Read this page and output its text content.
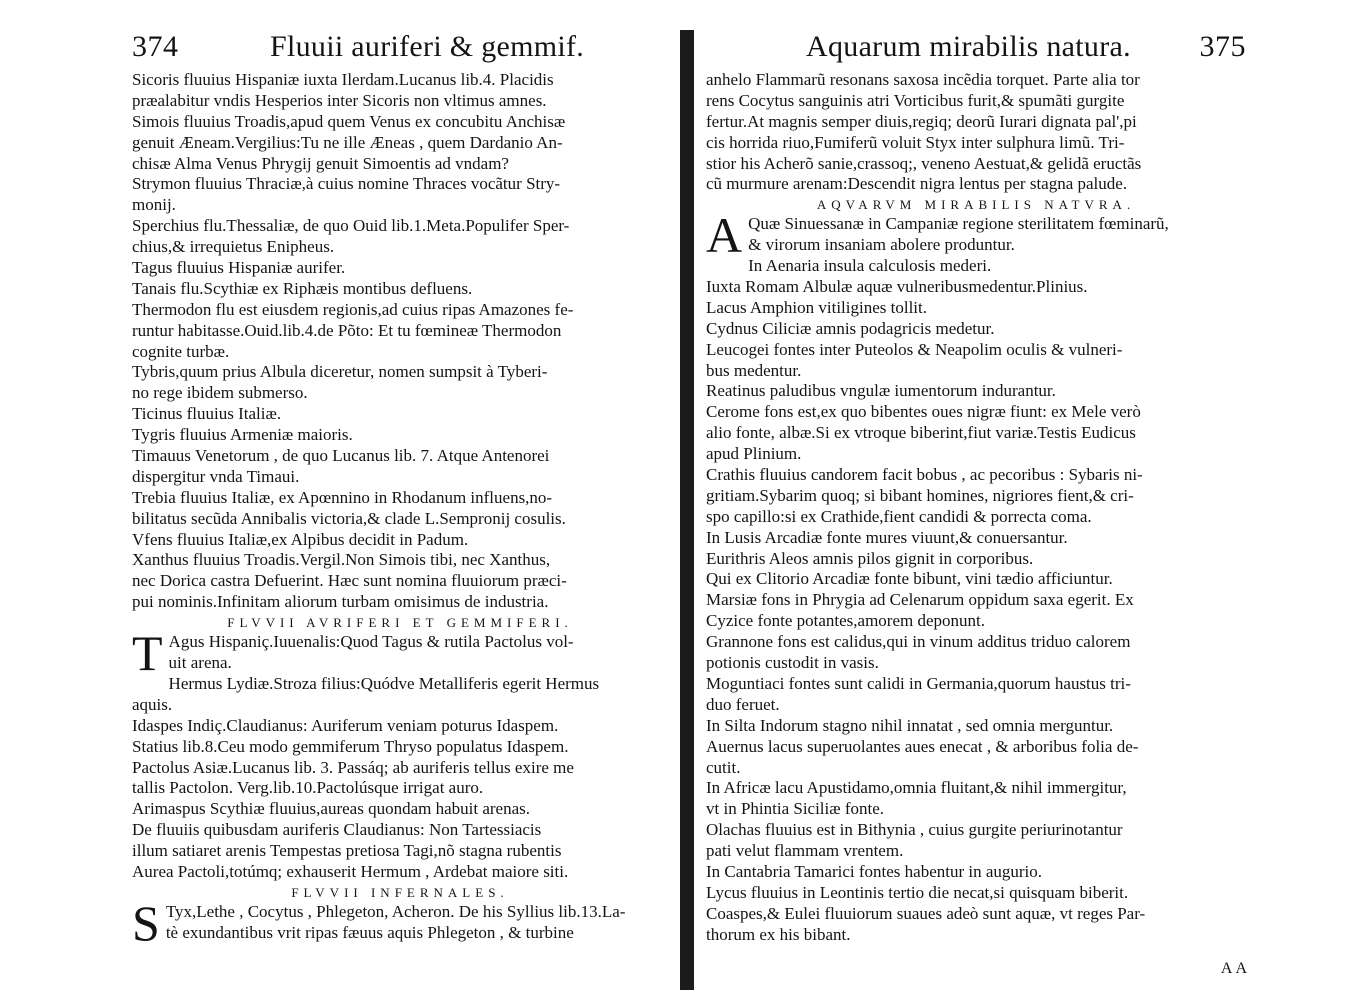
374	Fluuii auriferi & gemmif.
Sicoris fluuius Hispaniæ iuxta Ilerdam.Lucanus lib.4. Placidis
præalabitur vndis Hesperios inter Sicoris non vltimus amnes.
Simois fluuius Troadis,apud quem Venus ex concubitu Anchisæ
genuit Æneam.Vergilius:Tu ne ille Æneas , quem Dardanio An-
chisæ Alma Venus Phrygij genuit Simoentis ad vndam?
Strymon fluuius Thraciæ,à cuius nomine Thraces vocãtur Stry-
monij.
Sperchius flu.Thessaliæ, de quo Ouid lib.1.Meta.Populifer Sper-
chius,& irrequietus Enipheus.
Tagus fluuius Hispaniæ aurifer.
Tanais flu.Scythiæ ex Riphæis montibus defluens.
Thermodon flu est eiusdem regionis,ad cuius ripas Amazones fe-
runtur habitasse.Ouid.lib.4.de Põto: Et tu fœmineæ Thermodon
cognite turbæ.
Tybris,quum prius Albula diceretur, nomen sumpsit à Tyberi-
no rege ibidem submerso.
Ticinus fluuius Italiæ.
Tygris fluuius Armeniæ maioris.
Timauus Venetorum , de quo Lucanus lib. 7. Atque Antenorei
dispergitur vnda Timaui.
Trebia fluuius Italiæ, ex Apœnnino in Rhodanum influens,no-
bilitatus secũda Annibalis victoria,& clade L.Sempronij cosulis.
Vfens fluuius Italiæ,ex Alpibus decidit in Padum.
Xanthus fluuius Troadis.Vergil.Non Simois tibi, nec Xanthus,
nec Dorica castra Defuerint. Hæc sunt nomina fluuiorum præci-
pui nominis.Infinitam aliorum turbam omisimus de industria.
FLVVII AVRIFERI ET GEMMIFERI.
T Agus Hispaniç.Iuuenalis:Quod Tagus & rutila Pactolus vol-
uit arena.
Hermus Lydiæ.Stroza filius:Quódve Metalliferis egerit Hermus
aquis.
Idaspes Indiç.Claudianus: Auriferum veniam poturus Idaspem.
Statius lib.8.Ceu modo gemmiferum Thryso populatus Idaspem.
Pactolus Asiæ.Lucanus lib. 3. Passáq; ab auriferis tellus exire me
tallis Pactolon. Verg.lib.10.Pactolúsque irrigat auro.
Arimaspus Scythiæ fluuius,aureas quondam habuit arenas.
De fluuiis quibusdam auriferis Claudianus: Non Tartessiacis
illum satiaret arenis Tempestas pretiosa Tagi,nõ stagna rubentis
Aurea Pactoli,totúmq; exhauserit Hermum , Ardebat maiore siti.
FLVVII INFERNALES.
S Tyx,Lethe , Cocytus , Phlegeton, Acheron. De his Syllius lib.13.La-
tè exundantibus vrit ripas fæuus aquis Phlegeton , & turbine
Aquarum mirabilis natura. 375
anhelo Flammarũ resonans saxosa incẽdia torquet. Parte alia tor
rens Cocytus sanguinis atri Vorticibus furit,& spumãti gurgite
fertur.At magnis semper diuis,regiq; deorũ Iurari dignata pal',pi
cis horrida riuo,Fumiferũ voluit Styx inter sulphura limũ. Tri-
stior his Acherõ sanie,crassoq;, veneno Aestuat,& gelidã eructãs
cũ murmure arenam:Descendit nigra lentus per stagna palude.
AQVARVM MIRABILIS NATVRA.
A Quæ Sinuessanæ in Campaniæ regione sterilitatem fœminarũ,
& virorum insaniam abolere produntur.
In Aenaria insula calculosis mederi.
Iuxta Romam Albulæ aquæ vulneribusmedentur.Plinius.
Lacus Amphion vitiligines tollit.
Cydnus Ciliciæ amnis podagricis medetur.
Leucogei fontes inter Puteolos & Neapolim oculis & vulneri-
bus medentur.
Reatinus paludibus vngulæ iumentorum indurantur.
Cerome fons est,ex quo bibentes oues nigræ fiunt: ex Mele verò
alio fonte, albæ.Si ex vtroque biberint,fiut variæ.Testis Eudicus
apud Plinium.
Crathis fluuius candorem facit bobus , ac pecoribus : Sybaris ni-
gritiam.Sybarim quoq; si bibant homines, nigriores fient,& cri-
spo capillo:si ex Crathide,fient candidi & porrecta coma.
In Lusis Arcadiæ fonte mures viuunt,& conuersantur.
Eurithris Aleos amnis pilos gignit in corporibus.
Qui ex Clitorio Arcadiæ fonte bibunt, vini tædio afficiuntur.
Marsiæ fons in Phrygia ad Celenarum oppidum saxa egerit. Ex
Cyzice fonte potantes,amorem deponunt.
Grannone fons est calidus,qui in vinum additus triduo calorem
potionis custodit in vasis.
Moguntiaci fontes sunt calidi in Germania,quorum haustus tri-
duo feruet.
In Silta Indorum stagno nihil innatat , sed omnia merguntur.
Auernus lacus superuolantes aues enecat , & arboribus folia de-
cutit.
In Africæ lacu Apustidamo,omnia fluitant,& nihil immergitur,
vt in Phintia Siciliæ fonte.
Olachas fluuius est in Bithynia , cuius gurgite periurinotantur
pati velut flammam vrentem.
In Cantabria Tamarici fontes habentur in augurio.
Lycus fluuius in Leontinis tertio die necat,si quisquam biberit.
Coaspes,& Eulei fluuiorum suaues adeò sunt aquæ, vt reges Par-
thorum ex his bibant.
AA
